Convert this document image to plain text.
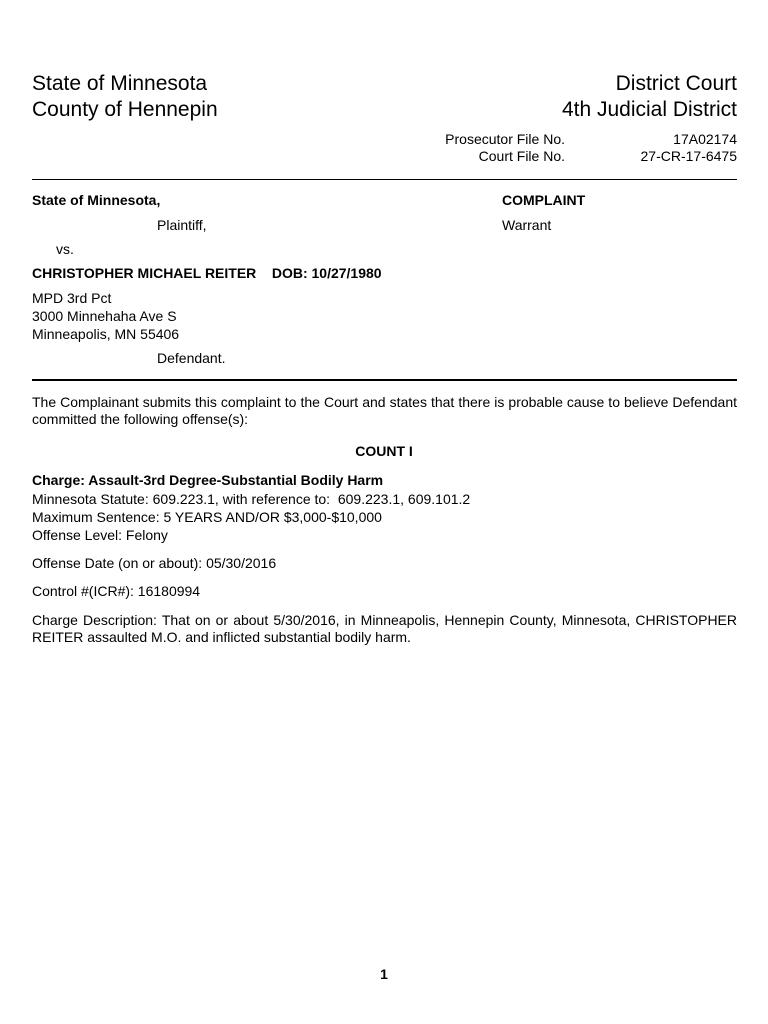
State of Minnesota
County of Hennepin
District Court
4th Judicial District
Prosecutor File No.	17A02174
Court File No.	27-CR-17-6475
State of Minnesota,
Plaintiff,
vs.
CHRISTOPHER MICHAEL REITER    DOB: 10/27/1980
MPD 3rd Pct
3000 Minnehaha Ave S
Minneapolis, MN 55406
Defendant.
COMPLAINT
Warrant
The Complainant submits this complaint to the Court and states that there is probable cause to believe Defendant committed the following offense(s):
COUNT I
Charge: Assault-3rd Degree-Substantial Bodily Harm
Minnesota Statute: 609.223.1, with reference to:  609.223.1, 609.101.2
Maximum Sentence: 5 YEARS AND/OR $3,000-$10,000
Offense Level: Felony
Offense Date (on or about): 05/30/2016
Control #(ICR#): 16180994
Charge Description: That on or about 5/30/2016, in Minneapolis, Hennepin County, Minnesota, CHRISTOPHER REITER assaulted M.O. and inflicted substantial bodily harm.
1
